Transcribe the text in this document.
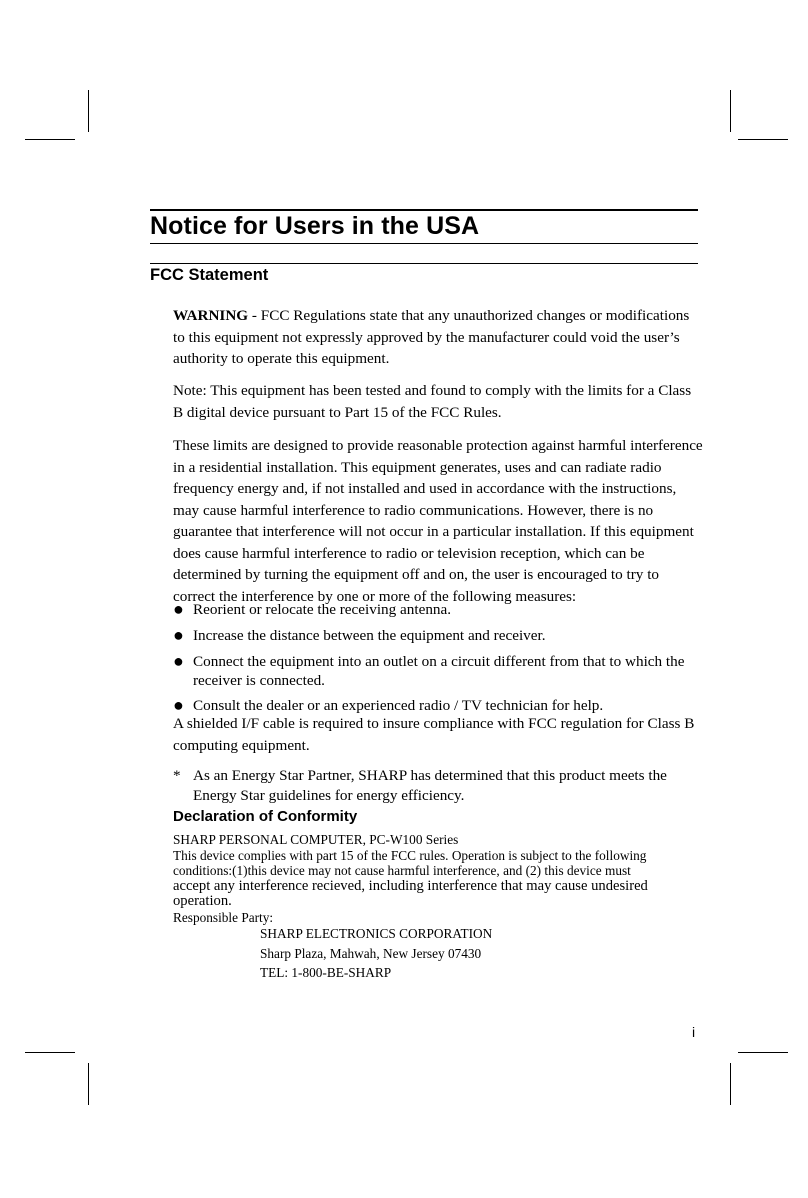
Notice for Users in the USA
FCC Statement
WARNING - FCC Regulations state that any unauthorized changes or modifications to this equipment not expressly approved by the manufacturer could void the user’s authority to operate this equipment.
Note: This equipment has been tested and found to comply with the limits for a Class B digital device pursuant to Part 15 of the FCC Rules.
These limits are designed to provide reasonable protection against harmful interference in a residential installation. This equipment generates, uses and can radiate radio frequency energy and, if not installed and used in accordance with the instructions, may cause harmful interference to radio communications. However, there is no guarantee that interference will not occur in a particular installation. If this equipment does cause harmful interference to radio or television reception, which can be determined by turning the equipment off and on, the user is encouraged to try to correct the interference by one or more of the following measures:
● Reorient or relocate the receiving antenna.
● Increase the distance between the equipment and receiver.
● Connect the equipment into an outlet on a circuit different from that to which the receiver is connected.
● Consult the dealer or an experienced radio / TV technician for help.
A shielded I/F cable is required to insure compliance with FCC regulation for Class B computing equipment.
* As an Energy Star Partner, SHARP has determined that this product meets the Energy Star guidelines for energy efficiency.
Declaration of Conformity
SHARP PERSONAL COMPUTER, PC-W100 Series
This device complies with part 15 of the FCC rules. Operation is subject to the following conditions:(1)this device may not cause harmful interference, and (2) this device must
accept any interference recieved, including interference that may cause undesired operation.
Responsible Party:
SHARP ELECTRONICS CORPORATION
Sharp Plaza, Mahwah, New Jersey 07430
TEL: 1-800-BE-SHARP
i
